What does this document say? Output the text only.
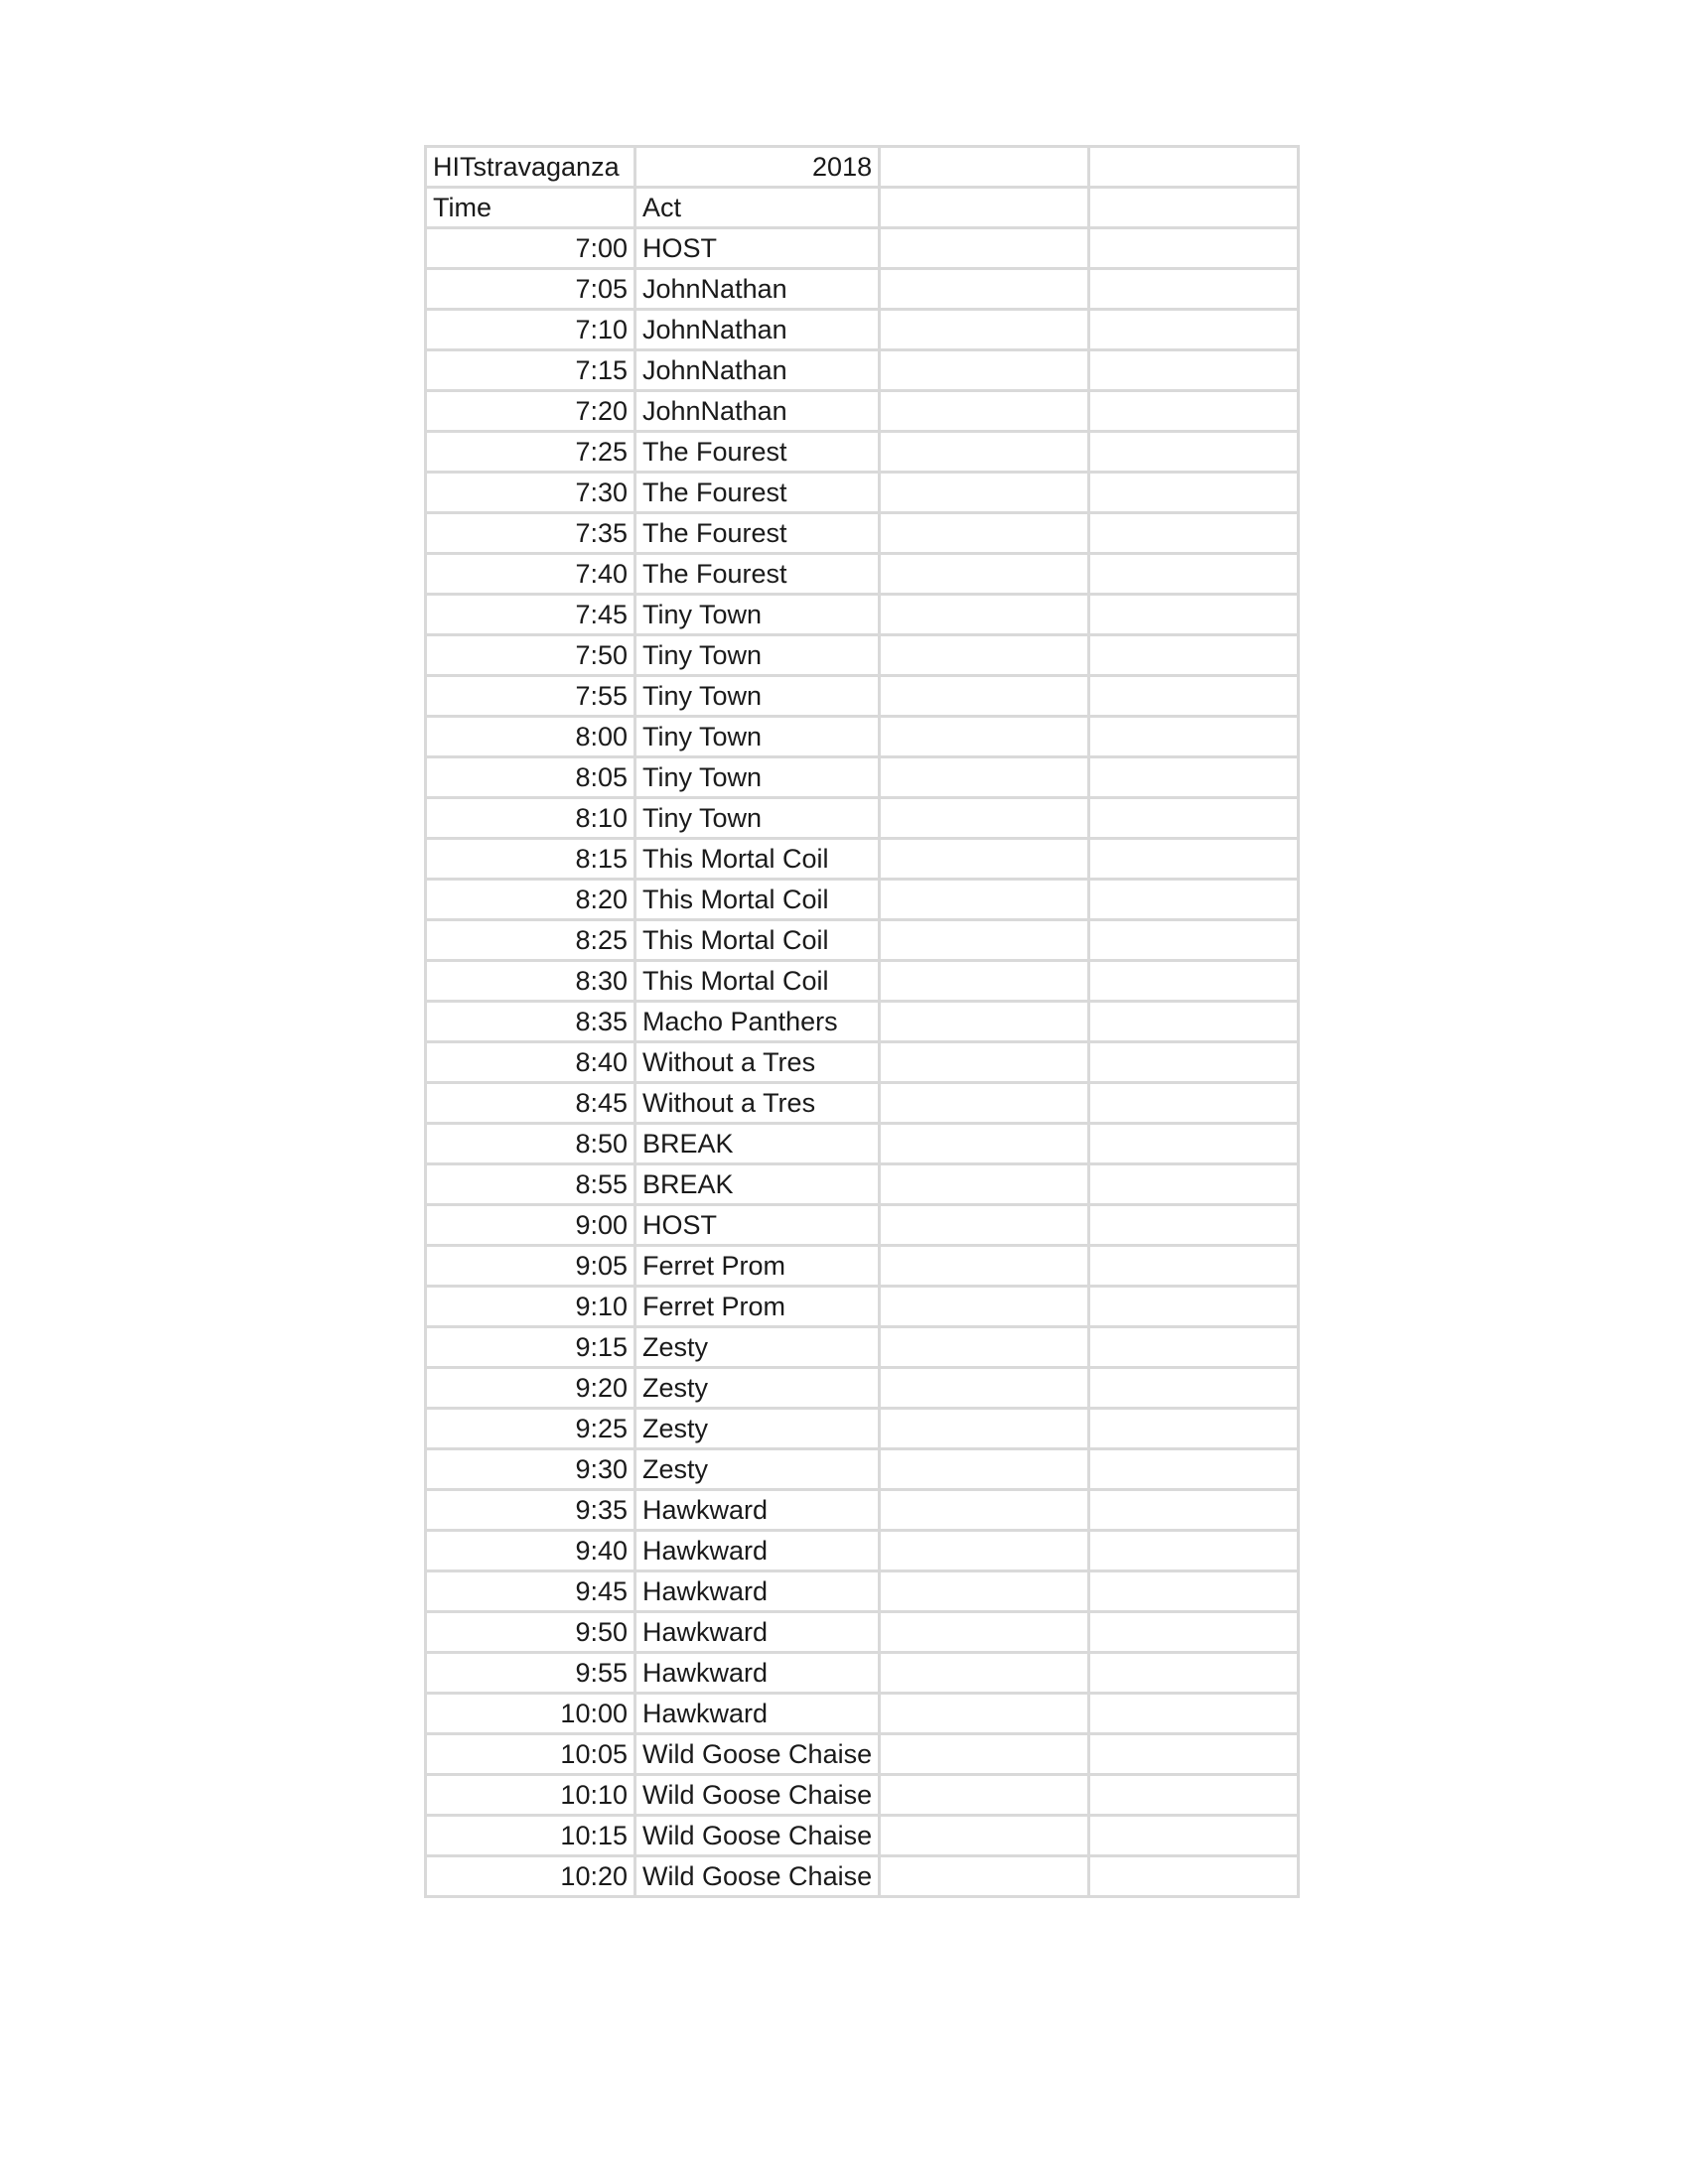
HITstravaganza	2018		
Time	Act		
7:00	HOST		
7:05	JohnNathan		
7:10	JohnNathan		
7:15	JohnNathan		
7:20	JohnNathan		
7:25	The Fourest		
7:30	The Fourest		
7:35	The Fourest		
7:40	The Fourest		
7:45	Tiny Town		
7:50	Tiny Town		
7:55	Tiny Town		
8:00	Tiny Town		
8:05	Tiny Town		
8:10	Tiny Town		
8:15	This Mortal Coil		
8:20	This Mortal Coil		
8:25	This Mortal Coil		
8:30	This Mortal Coil		
8:35	Macho Panthers		
8:40	Without a Tres		
8:45	Without a Tres		
8:50	BREAK		
8:55	BREAK		
9:00	HOST		
9:05	Ferret Prom		
9:10	Ferret Prom		
9:15	Zesty		
9:20	Zesty		
9:25	Zesty		
9:30	Zesty		
9:35	Hawkward		
9:40	Hawkward		
9:45	Hawkward		
9:50	Hawkward		
9:55	Hawkward		
10:00	Hawkward		
10:05	Wild Goose Chaise		
10:10	Wild Goose Chaise		
10:15	Wild Goose Chaise		
10:20	Wild Goose Chaise		
